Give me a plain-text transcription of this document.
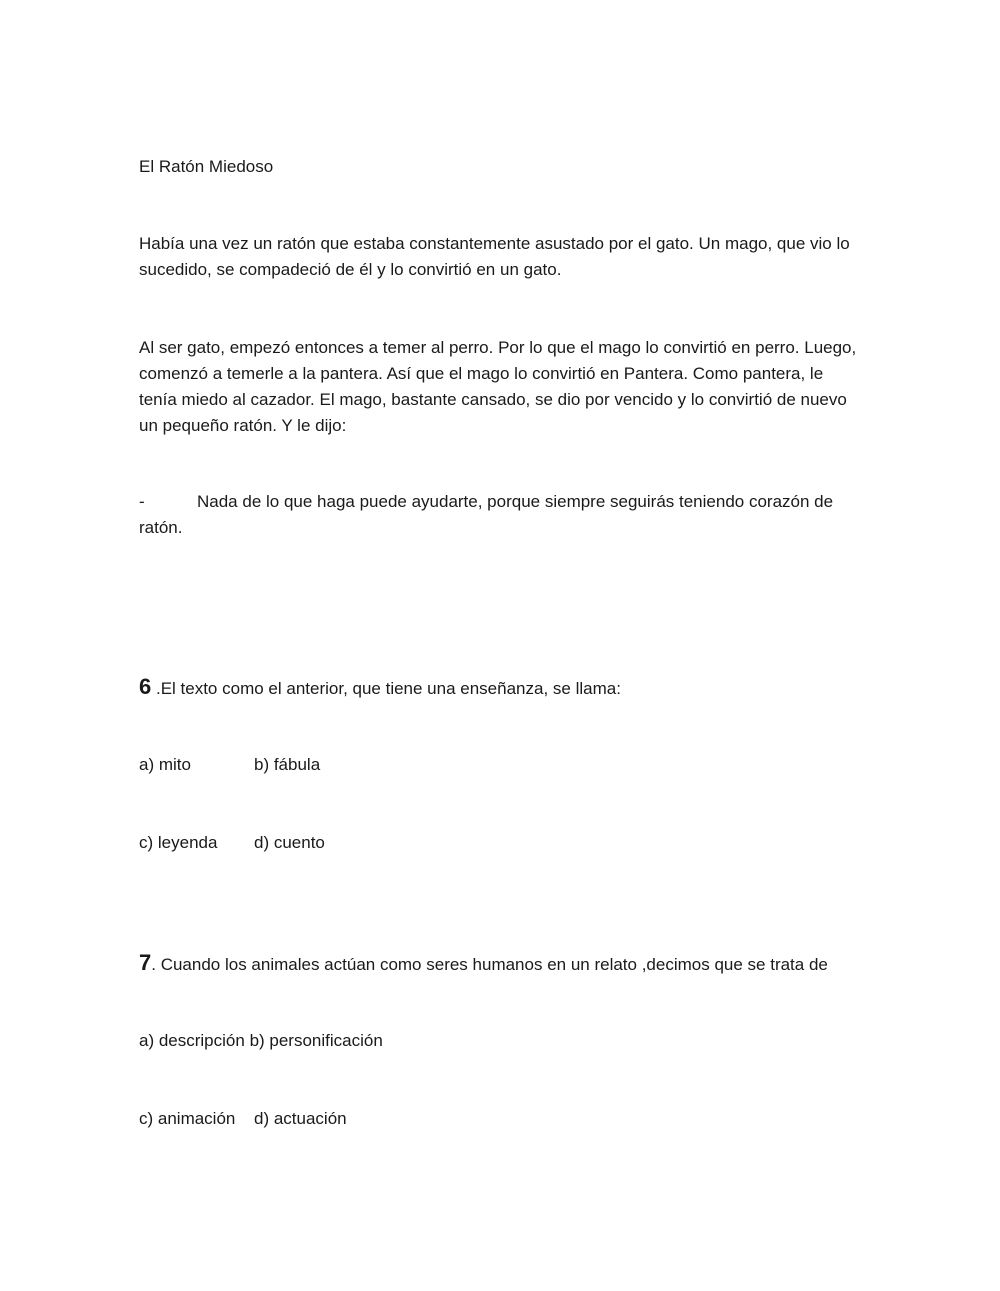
El Ratón Miedoso
Había una vez un ratón que estaba constantemente asustado por el gato. Un mago, que vio lo sucedido, se compadeció de él y lo convirtió en un gato.
Al ser gato, empezó entonces a temer al perro. Por lo que el mago lo convirtió en perro. Luego, comenzó a temerle a la pantera. Así que el mago lo convirtió en Pantera. Como pantera, le tenía miedo al cazador. El mago, bastante cansado, se dio por vencido y lo convirtió de nuevo un pequeño ratón. Y le dijo:
-	Nada de lo que haga puede ayudarte, porque siempre seguirás teniendo corazón de ratón.
6 .El texto como el anterior, que tiene una enseñanza, se llama:
a) mito	b) fábula
c) leyenda d) cuento
7. Cuando los animales actúan como seres humanos en un relato ,decimos que se trata de
a) descripción b) personificación
c) animación d) actuación
